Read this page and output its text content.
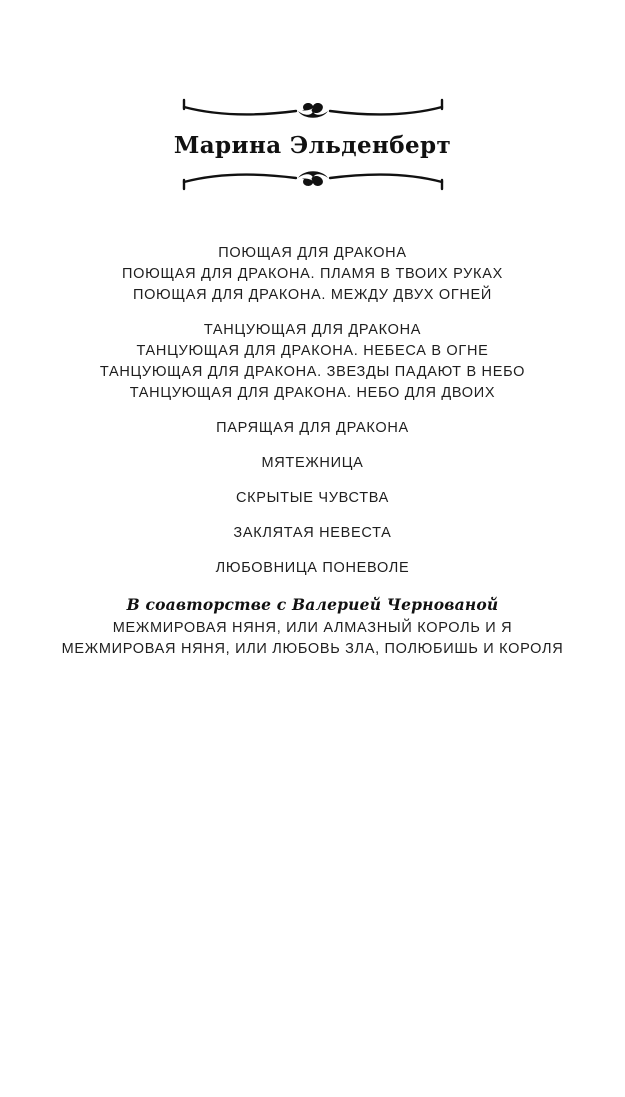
Марина Эльденберт
ПОЮЩАЯ ДЛЯ ДРАКОНА
ПОЮЩАЯ ДЛЯ ДРАКОНА. ПЛАМЯ В ТВОИХ РУКАХ
ПОЮЩАЯ ДЛЯ ДРАКОНА. МЕЖДУ ДВУХ ОГНЕЙ
ТАНЦУЮЩАЯ ДЛЯ ДРАКОНА
ТАНЦУЮЩАЯ ДЛЯ ДРАКОНА. НЕБЕСА В ОГНЕ
ТАНЦУЮЩАЯ ДЛЯ ДРАКОНА. ЗВЕЗДЫ ПАДАЮТ В НЕБО
ТАНЦУЮЩАЯ ДЛЯ ДРАКОНА. НЕБО ДЛЯ ДВОИХ
ПАРЯЩАЯ ДЛЯ ДРАКОНА
МЯТЕЖНИЦА
СКРЫТЫЕ ЧУВСТВА
ЗАКЛЯТАЯ НЕВЕСТА
ЛЮБОВНИЦА ПОНЕВОЛЕ
В соавторстве с Валерией Чернованой
МЕЖМИРОВАЯ НЯНЯ, ИЛИ АЛМАЗНЫЙ КОРОЛЬ И Я
МЕЖМИРОВАЯ НЯНЯ, ИЛИ ЛЮБОВЬ ЗЛА, ПОЛЮБИШЬ И КОРОЛЯ
